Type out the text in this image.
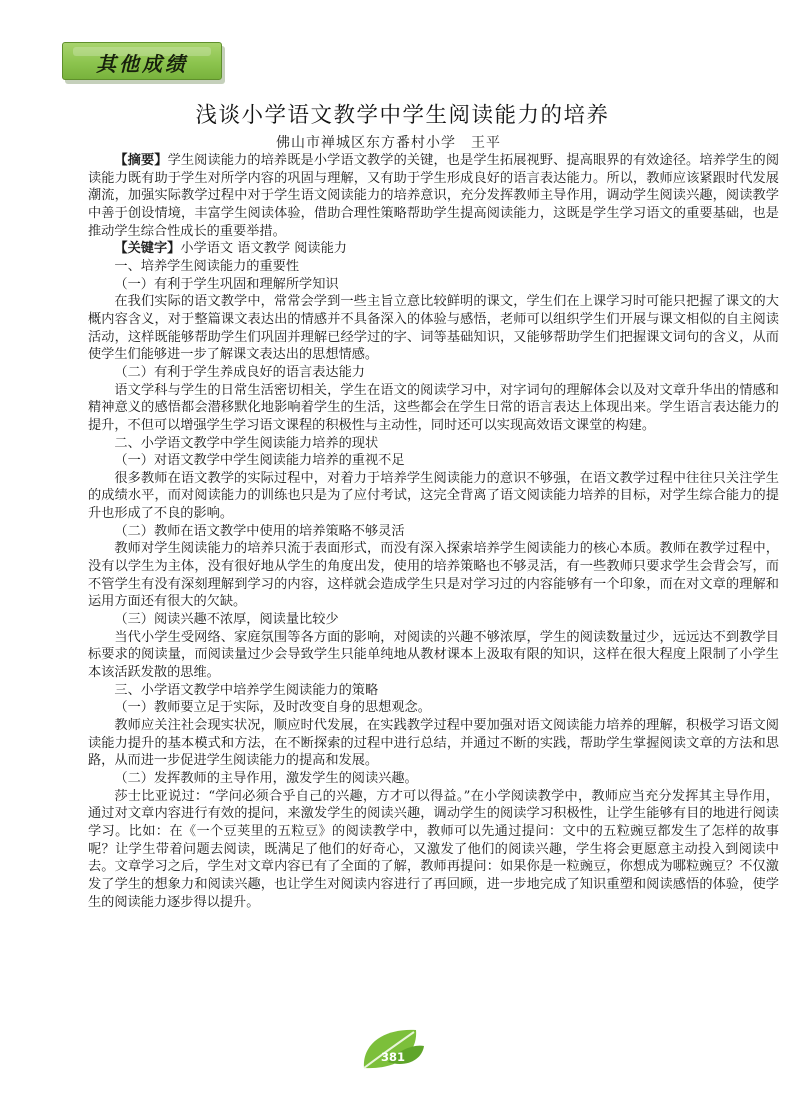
其他成绩
浅谈小学语文教学中学生阅读能力的培养
佛山市禅城区东方番村小学　王平

【摘要】学生阅读能力的培养既是小学语文教学的关键，也是学生拓展视野、提高眼界的有效途径。培养学生的阅读能力既有助于学生对所学内容的巩固与理解，又有助于学生形成良好的语言表达能力。所以，教师应该紧跟时代发展潮流，加强实际教学过程中对于学生语文阅读能力的培养意识，充分发挥教师主导作用，调动学生阅读兴趣，阅读教学中善于创设情境，丰富学生阅读体验，借助合理性策略帮助学生提高阅读能力，这既是学生学习语文的重要基础，也是推动学生综合性成长的重要举措。

【关键字】小学语文 语文教学 阅读能力

一、培养学生阅读能力的重要性

（一）有利于学生巩固和理解所学知识

在我们实际的语文教学中，常常会学到一些主旨立意比较鲜明的课文，学生们在上课学习时可能只把握了课文的大概内容含义，对于整篇课文表达出的情感并不具备深入的体验与感悟，老师可以组织学生们开展与课文相似的自主阅读活动，这样既能够帮助学生们巩固并理解已经学过的字、词等基础知识，又能够帮助学生们把握课文词句的含义，从而使学生们能够进一步了解课文表达出的思想情感。

（二）有利于学生养成良好的语言表达能力

语文学科与学生的日常生活密切相关，学生在语文的阅读学习中，对字词句的理解体会以及对文章升华出的情感和精神意义的感悟都会潜移默化地影响着学生的生活，这些都会在学生日常的语言表达上体现出来。学生语言表达能力的提升，不但可以增强学生学习语文课程的积极性与主动性，同时还可以实现高效语文课堂的构建。

二、小学语文教学中学生阅读能力培养的现状

（一）对语文教学中学生阅读能力培养的重视不足

很多教师在语文教学的实际过程中，对着力于培养学生阅读能力的意识不够强，在语文教学过程中往往只关注学生的成绩水平，而对阅读能力的训练也只是为了应付考试，这完全背离了语文阅读能力培养的目标，对学生综合能力的提升也形成了不良的影响。

（二）教师在语文教学中使用的培养策略不够灵活

教师对学生阅读能力的培养只流于表面形式，而没有深入探索培养学生阅读能力的核心本质。教师在教学过程中，没有以学生为主体，没有很好地从学生的角度出发，使用的培养策略也不够灵活，有一些教师只要求学生会背会写，而不管学生有没有深刻理解到学习的内容，这样就会造成学生只是对学习过的内容能够有一个印象，而在对文章的理解和运用方面还有很大的欠缺。

（三）阅读兴趣不浓厚，阅读量比较少

当代小学生受网络、家庭氛围等各方面的影响，对阅读的兴趣不够浓厚，学生的阅读数量过少，远远达不到教学目标要求的阅读量，而阅读量过少会导致学生只能单纯地从教材课本上汲取有限的知识，这样在很大程度上限制了小学生本该活跃发散的思维。

三、小学语文教学中培养学生阅读能力的策略

（一）教师要立足于实际，及时改变自身的思想观念。

教师应关注社会现实状况，顺应时代发展，在实践教学过程中要加强对语文阅读能力培养的理解，积极学习语文阅读能力提升的基本模式和方法，在不断探索的过程中进行总结，并通过不断的实践，帮助学生掌握阅读文章的方法和思路，从而进一步促进学生阅读能力的提高和发展。

（二）发挥教师的主导作用，激发学生的阅读兴趣。

莎士比亚说过：“学问必须合乎自己的兴趣，方才可以得益。”在小学阅读教学中，教师应当充分发挥其主导作用，通过对文章内容进行有效的提问，来激发学生的阅读兴趣，调动学生的阅读学习积极性，让学生能够有目的地进行阅读学习。比如：在《一个豆荚里的五粒豆》的阅读教学中，教师可以先通过提问：文中的五粒豌豆都发生了怎样的故事呢？让学生带着问题去阅读，既满足了他们的好奇心，又激发了他们的阅读兴趣，学生将会更愿意主动投入到阅读中去。文章学习之后，学生对文章内容已有了全面的了解，教师再提问：如果你是一粒豌豆，你想成为哪粒豌豆？不仅激发了学生的想象力和阅读兴趣，也让学生对阅读内容进行了再回顾，进一步地完成了知识重塑和阅读感悟的体验，使学生的阅读能力逐步得以提升。

381
